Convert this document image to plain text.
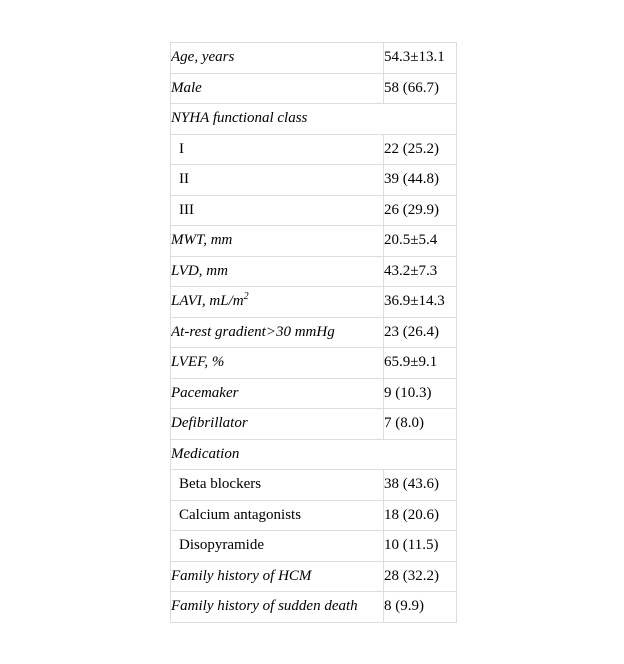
Age, years	54.3±13.1
Male	58 (66.7)
NYHA functional class	
I	22 (25.2)
II	39 (44.8)
III	26 (29.9)
MWT, mm	20.5±5.4
LVD, mm	43.2±7.3
LAVI, $mL/m^2$	36.9±14.3
At-rest gradient>30 mmHg	23 (26.4)
LVEF, %	65.9±9.1
Pacemaker	9 (10.3)
Defibrillator	7 (8.0)
Medication	
Beta blockers	38 (43.6)
Calcium antagonists	18 (20.6)
Disopyramide	10 (11.5)
Family history of HCM	28 (32.2)
Family history of sudden death	8 (9.9)
